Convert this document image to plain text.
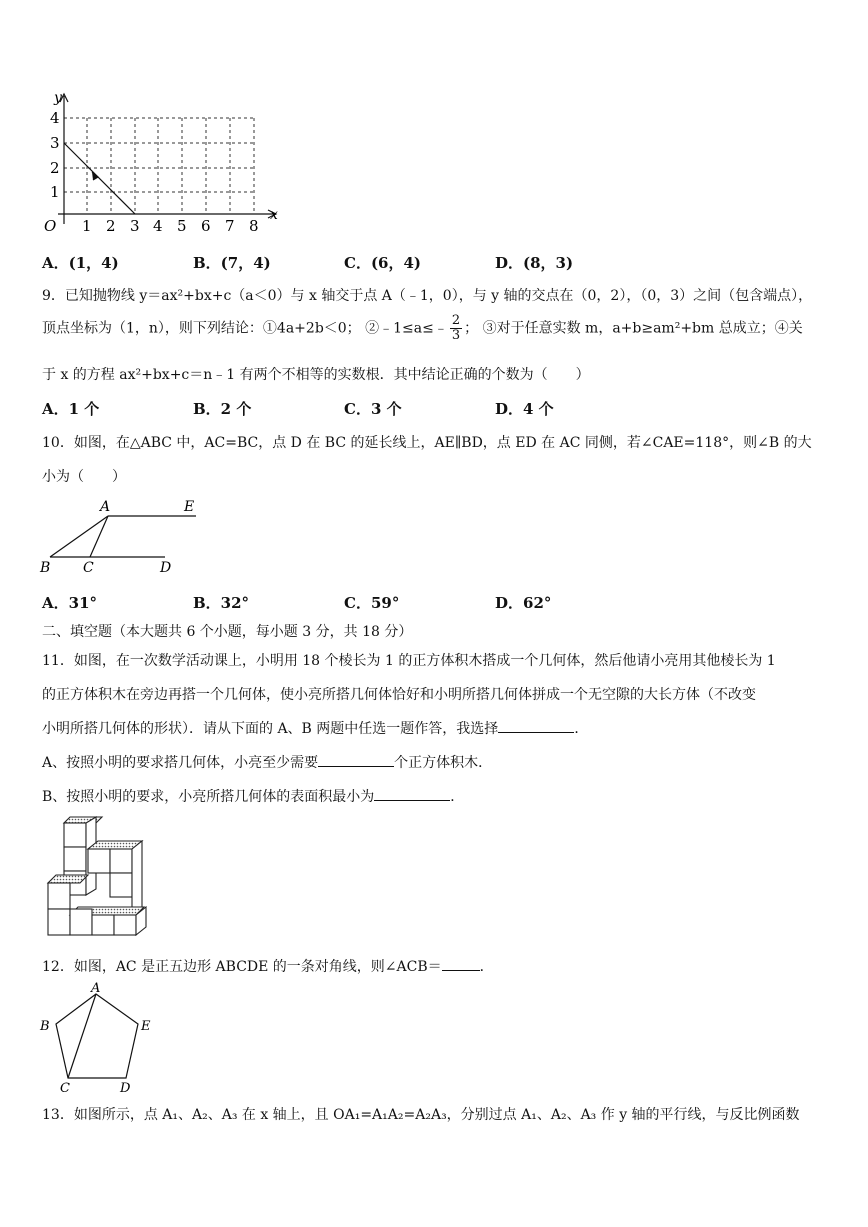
y
x
O
1
2
3
4
1 2 3 4 5 6 7 8
A．(1，4)	B．(7，4)	C．(6，4)	D．(8，3)
9．已知抛物线 y＝ax²+bx+c（a＜0）与 x 轴交于点 A（﹣1，0），与 y 轴的交点在（0，2），（0，3）之间（包含端点），
顶点坐标为（1，n），则下列结论：①4a+2b＜0； ②﹣1≤a≤﹣ $\frac{2}{3}$ ； ③对于任意实数 m，a+b≥am²+bm 总成立；④关
于 x 的方程 ax²+bx+c＝n﹣1 有两个不相等的实数根．其中结论正确的个数为（　　）
A．1 个	B．2 个	C．3 个	D．4 个
10．如图，在△ABC 中，AC=BC，点 D 在 BC 的延长线上，AE∥BD，点 ED 在 AC 同侧，若∠CAE=118°，则∠B 的大
小为（　　）
A	E
B C	D
A．31°	B．32°	C．59°	D．62°
二、填空题（本大题共 6 个小题，每小题 3 分，共 18 分）
11．如图，在一次数学活动课上，小明用 18 个棱长为 1 的正方体积木搭成一个几何体，然后他请小亮用其他棱长为 1
的正方体积木在旁边再搭一个几何体，使小亮所搭几何体恰好和小明所搭几何体拼成一个无空隙的大长方体（不改变
小明所搭几何体的形状）．请从下面的 A、B 两题中任选一题作答，我选择	．
A、按照小明的要求搭几何体，小亮至少需要	个正方体积木．
B、按照小明的要求，小亮所搭几何体的表面积最小为	．
12．如图，AC 是正五边形 ABCDE 的一条对角线，则∠ACB＝	．
A
B	E
C	D
13．如图所示，点 A₁、A₂、A₃ 在 x 轴上，且 OA₁=A₁A₂=A₂A₃，分别过点 A₁、A₂、A₃ 作 y 轴的平行线，与反比例函数
